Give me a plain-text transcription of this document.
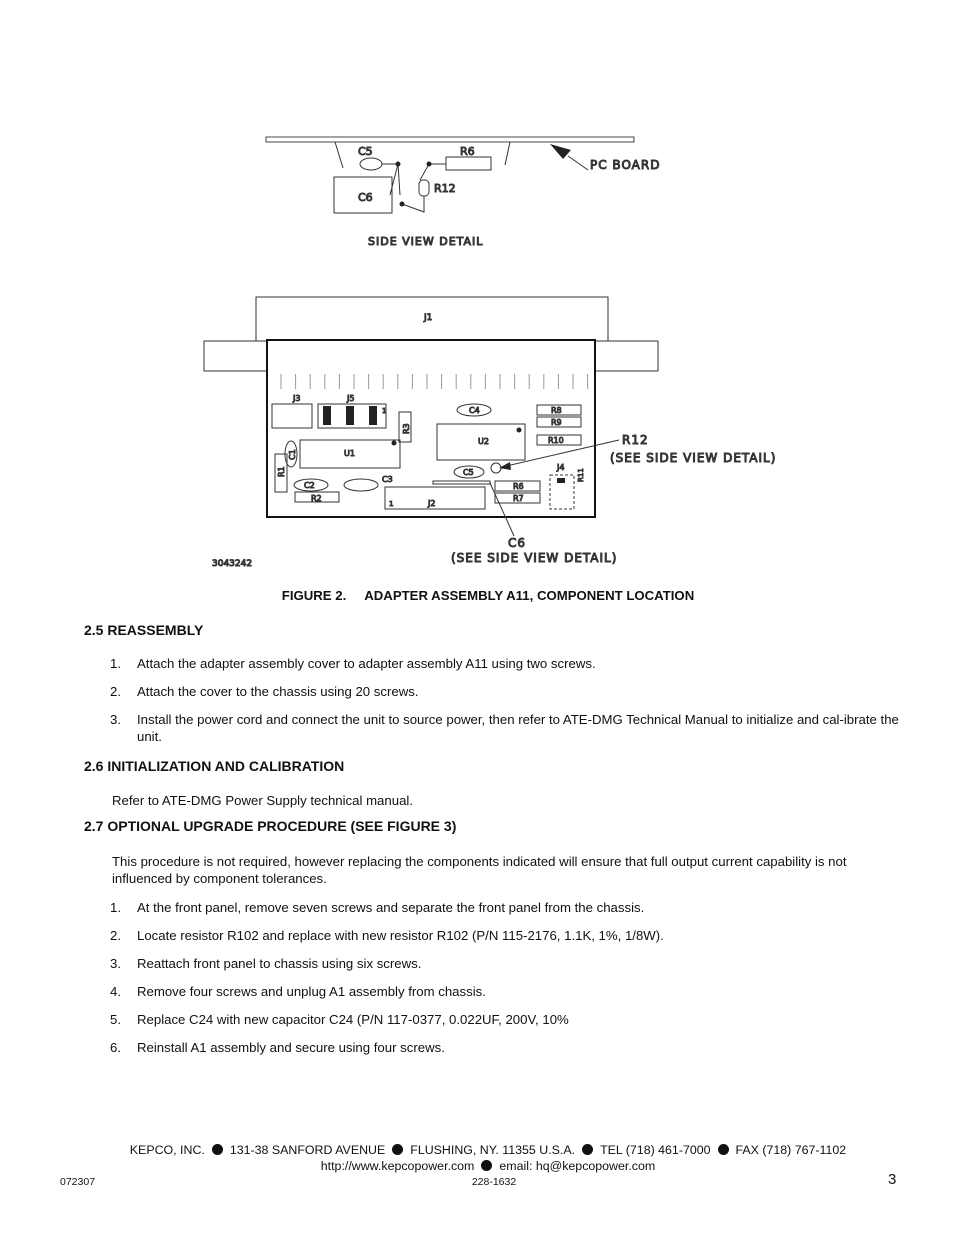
C5	R6
C6
R12
PC BOARD
SIDE VIEW DETAIL
J1
J3	J5
1
R3
U1
C1
R1
C2
C3
R2
J2
1
C4
U2
R8
R9
R10
C5
R6
R7
J4
R11
R12
(SEE SIDE VIEW DETAIL)
C6
(SEE SIDE VIEW DETAIL)
3043242
FIGURE 2. ADAPTER ASSEMBLY A11, COMPONENT LOCATION
2.5 REASSEMBLY
1. Attach the adapter assembly cover to adapter assembly A11 using two screws.
2. Attach the cover to the chassis using 20 screws.
3. Install the power cord and connect the unit to source power, then refer to ATE-DMG Technical Manual to initialize and cal-ibrate the unit.
2.6 INITIALIZATION AND CALIBRATION
Refer to ATE-DMG Power Supply technical manual.
2.7 OPTIONAL UPGRADE PROCEDURE (SEE FIGURE 3)
This procedure is not required, however replacing the components indicated will ensure that full output current capability is not influenced by component tolerances.
1. At the front panel, remove seven screws and separate the front panel from the chassis.
2. Locate resistor R102 and replace with new resistor R102 (P/N 115-2176, 1.1K, 1%, 1/8W).
3. Reattach front panel to chassis using six screws.
4. Remove four screws and unplug A1 assembly from chassis.
5. Replace C24 with new capacitor C24 (P/N 117-0377, 0.022UF, 200V, 10%
6. Reinstall A1 assembly and secure using four screws.
KEPCO, INC. 131-38 SANFORD AVENUE FLUSHING, NY. 11355 U.S.A. TEL (718) 461-7000 FAX (718) 767-1102
http://www.kepcopower.com email: hq@kepcopower.com
072307	228-1632	3
